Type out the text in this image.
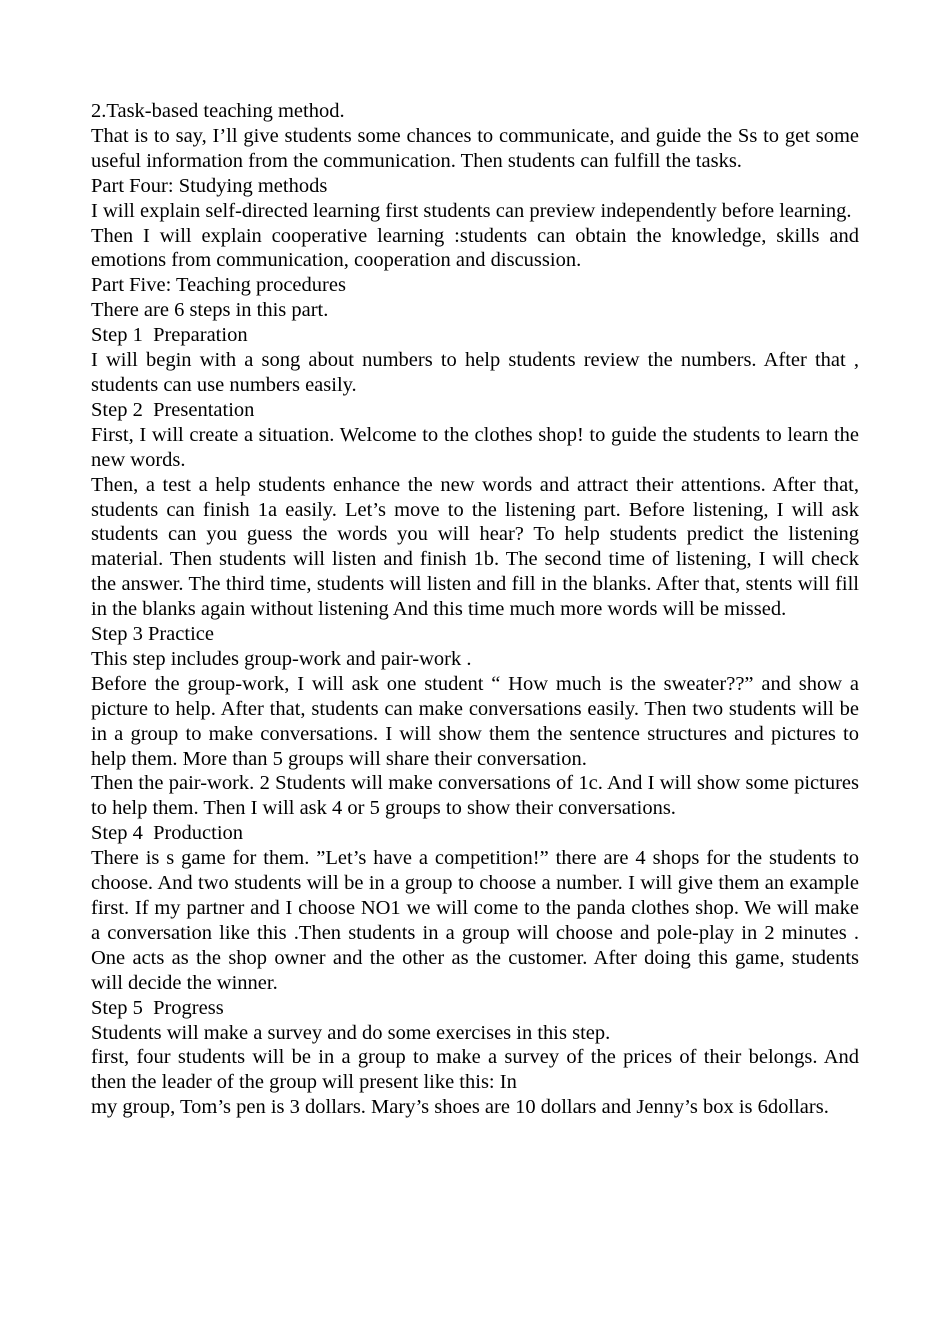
2.Task-based teaching method.

That is to say, I’ll give students some chances to communicate, and guide the Ss to get some useful information from the communication. Then students can fulfill the tasks.

Part Four: Studying methods

I will explain self-directed learning first students can preview independently before learning.

Then I will explain cooperative learning :students can obtain the knowledge, skills and emotions from communication, cooperation and discussion.

Part Five: Teaching procedures

There are 6 steps in this part.

Step 1  Preparation

I will begin with a song about numbers to help students review the numbers. After that , students can use numbers easily.

Step 2  Presentation

First, I will create a situation. Welcome to the clothes shop! to guide the students to learn the new words.

Then, a test a help students enhance the new words and attract their attentions. After that, students can finish 1a easily. Let’s move to the listening part. Before listening, I will ask students can you guess the words you will hear? To help students predict the listening material. Then students will listen and finish 1b. The second time of listening, I will check the answer. The third time, students will listen and fill in the blanks. After that, stents will fill in the blanks again without listening And this time much more words will be missed.

Step 3 Practice

This step includes group-work and pair-work .

Before the group-work, I will ask one student “ How much is the sweater??” and show a picture to help. After that, students can make conversations easily. Then two students will be in a group to make conversations. I will show them the sentence structures and pictures to help them. More than 5 groups will share their conversation.

Then the pair-work. 2 Students will make conversations of 1c. And I will show some pictures to help them. Then I will ask 4 or 5 groups to show their conversations.

Step 4  Production

There is s game for them. ”Let’s have a competition!” there are 4 shops for the students to choose. And two students will be in a group to choose a number. I will give them an example first. If my partner and I choose NO1 we will come to the panda clothes shop. We will make a conversation like this .Then students in a group will choose and pole-play in 2 minutes . One acts as the shop owner and the other as the customer. After doing this game, students will decide the winner.

Step 5  Progress

Students will make a survey and do some exercises in this step.

first, four students will be in a group to make a survey of the prices of their belongs. And then the leader of the group will present like this: In

my group, Tom’s pen is 3 dollars. Mary’s shoes are 10 dollars and Jenny’s box is 6dollars.
